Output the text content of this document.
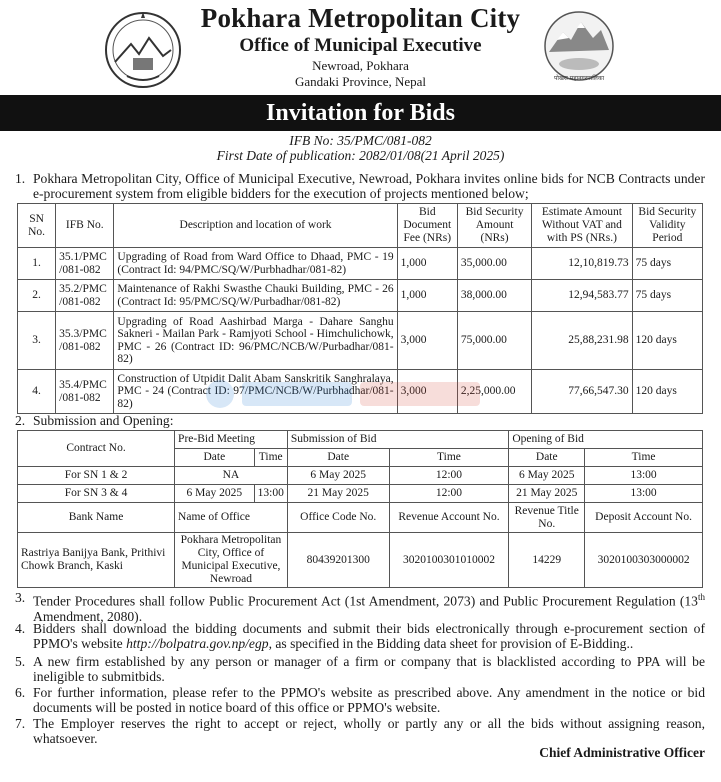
Pokhara Metropolitan City
Office of Municipal Executive
Newroad, Pokhara
Gandaki Province, Nepal	पोखरा महानगरपालिका
Invitation for Bids
IFB No: 35/PMC/081-082
First Date of publication: 2082/01/08(21 April 2025)
1. Pokhara Metropolitan City, Office of Municipal Executive, Newroad, Pokhara invites online bids for NCB Contracts under e-procurement system from eligible bidders for the execution of projects mentioned below;
SN No.	IFB No.	Description and location of work	Bid Document Fee (NRs)	Bid Security Amount (NRs)	Estimate Amount Without VAT and with PS (NRs.)	Bid Security Validity Period
1.	35.1/PMC /081-082	Upgrading of Road from Ward Office to Dhaad, PMC - 19 (Contract Id: 94/PMC/SQ/W/Purbhadhar/081-82)	1,000	35,000.00	12,10,819.73	75 days
2.	35.2/PMC /081-082	Maintenance of Rakhi Swasthe Chauki Building, PMC - 26 (Contract Id: 95/PMC/SQ/W/Purbadhar/081-82)	1,000	38,000.00	12,94,583.77	75 days
3.	35.3/PMC /081-082	Upgrading of Road Aashirbad Marga - Dahare Sanghu Sakneri - Mailan Park - Ramjyoti School - Himchulichowk, PMC - 26 (Contract ID: 96/PMC/NCB/W/Purbadhar/081-82)	3,000	75,000.00	25,88,231.98	120 days
4.	35.4/PMC /081-082	Construction of Utpidit Dalit Abam Sanskritik Sanghralaya, PMC - 24 (Contract ID: 97/PMC/NCB/W/Purbhadhar/081-82)	3,000	2,25,000.00	77,66,547.30	120 days
2. Submission and Opening:
Contract No.	Pre-Bid Meeting		Submission of Bid		Opening of Bid	
	Date	Time	Date	Time	Date	Time
For SN 1 & 2	NA		6 May 2025	12:00	6 May 2025	13:00
For SN 3 & 4	6 May 2025	13:00	21 May 2025	12:00	21 May 2025	13:00
Bank Name	Name of Office		Office Code No.	Revenue Account No.	Revenue Title No.	Deposit Account No.
Rastriya Banijya Bank, Prithivi Chowk Branch, Kaski	Pokhara Metropolitan City, Office of Municipal Executive, Newroad		80439201300	3020100301010002	14229	3020100303000002
3. Tender Procedures shall follow Public Procurement Act (1st Amendment, 2073) and Public Procurement Regulation (13th Amendment, 2080).
4. Bidders shall download the bidding documents and submit their bids electronically through e-procurement section of PPMO's website http://bolpatra.gov.np/egp, as specified in the Bidding data sheet for provision of E-Bidding..
5. A new firm established by any person or manager of a firm or company that is blacklisted according to PPA will be ineligible to submitbids.
6. For further information, please refer to the PPMO's website as prescribed above. Any amendment in the notice or bid documents will be posted in notice board of this office or PPMO's website.
7. The Employer reserves the right to accept or reject, wholly or partly any or all the bids without assigning reason, whatsoever.
Chief Administrative Officer
